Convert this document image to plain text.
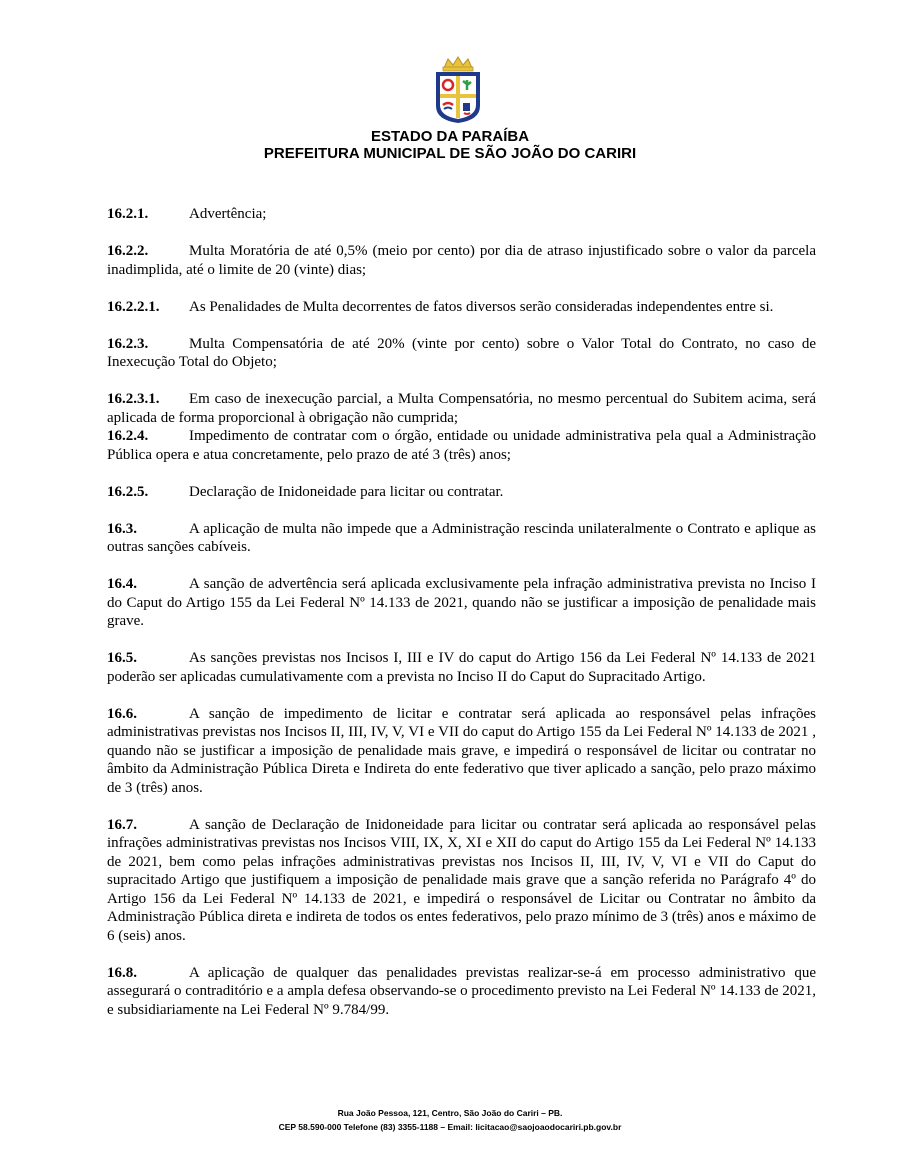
ESTADO DA PARAÍBA
PREFEITURA MUNICIPAL DE SÃO JOÃO DO CARIRI

16.2.1.	Advertência;

16.2.2.	Multa Moratória de até 0,5% (meio por cento) por dia de atraso injustificado sobre o valor da parcela inadimplida, até o limite de 20 (vinte) dias;

16.2.2.1. As Penalidades de Multa decorrentes de fatos diversos serão consideradas independentes entre si.

16.2.3.	Multa Compensatória de até 20% (vinte por cento) sobre o Valor Total do Contrato, no caso de Inexecução Total do Objeto;

16.2.3.1. Em caso de inexecução parcial, a Multa Compensatória, no mesmo percentual do Subitem acima, será aplicada de forma proporcional à obrigação não cumprida;

16.2.4.	Impedimento de contratar com o órgão, entidade ou unidade administrativa pela qual a Administração Pública opera e atua concretamente, pelo prazo de até 3 (três) anos;

16.2.5.	Declaração de Inidoneidade para licitar ou contratar.

16.3.	A aplicação de multa não impede que a Administração rescinda unilateralmente o Contrato e aplique as outras sanções cabíveis.

16.4.	A sanção de advertência será aplicada exclusivamente pela infração administrativa prevista no Inciso I do Caput do Artigo 155 da Lei Federal Nº 14.133 de 2021, quando não se justificar a imposição de penalidade mais grave.

16.5.	As sanções previstas nos Incisos I, III e IV do caput do Artigo 156 da Lei Federal Nº 14.133 de 2021 poderão ser aplicadas cumulativamente com a prevista no Inciso II do Caput do Supracitado Artigo.

16.6.	A sanção de impedimento de licitar e contratar será aplicada ao responsável pelas infrações administrativas previstas nos Incisos II, III, IV, V, VI e VII do caput do Artigo 155 da Lei Federal Nº 14.133 de 2021 , quando não se justificar a imposição de penalidade mais grave, e impedirá o responsável de licitar ou contratar no âmbito da Administração Pública Direta e Indireta do ente federativo que tiver aplicado a sanção, pelo prazo máximo de 3 (três) anos.

16.7.	A sanção de Declaração de Inidoneidade para licitar ou contratar será aplicada ao responsável pelas infrações administrativas previstas nos Incisos VIII, IX, X, XI e XII do caput do Artigo 155 da Lei Federal Nº 14.133 de 2021, bem como pelas infrações administrativas previstas nos Incisos II, III, IV, V, VI e VII do Caput do supracitado Artigo que justifiquem a imposição de penalidade mais grave que a sanção referida no Parágrafo 4º do Artigo 156 da Lei Federal Nº 14.133 de 2021, e impedirá o responsável de Licitar ou Contratar no âmbito da Administração Pública direta e indireta de todos os entes federativos, pelo prazo mínimo de 3 (três) anos e máximo de 6 (seis) anos.

16.8.	A aplicação de qualquer das penalidades previstas realizar-se-á em processo administrativo que assegurará o contraditório e a ampla defesa observando-se o procedimento previsto na Lei Federal Nº 14.133 de 2021, e subsidiariamente na Lei Federal Nº 9.784/99.

Rua João Pessoa, 121, Centro, São João do Cariri – PB.
CEP 58.590-000 Telefone (83) 3355-1188 – Email: licitacao@saojoaodocariri.pb.gov.br
